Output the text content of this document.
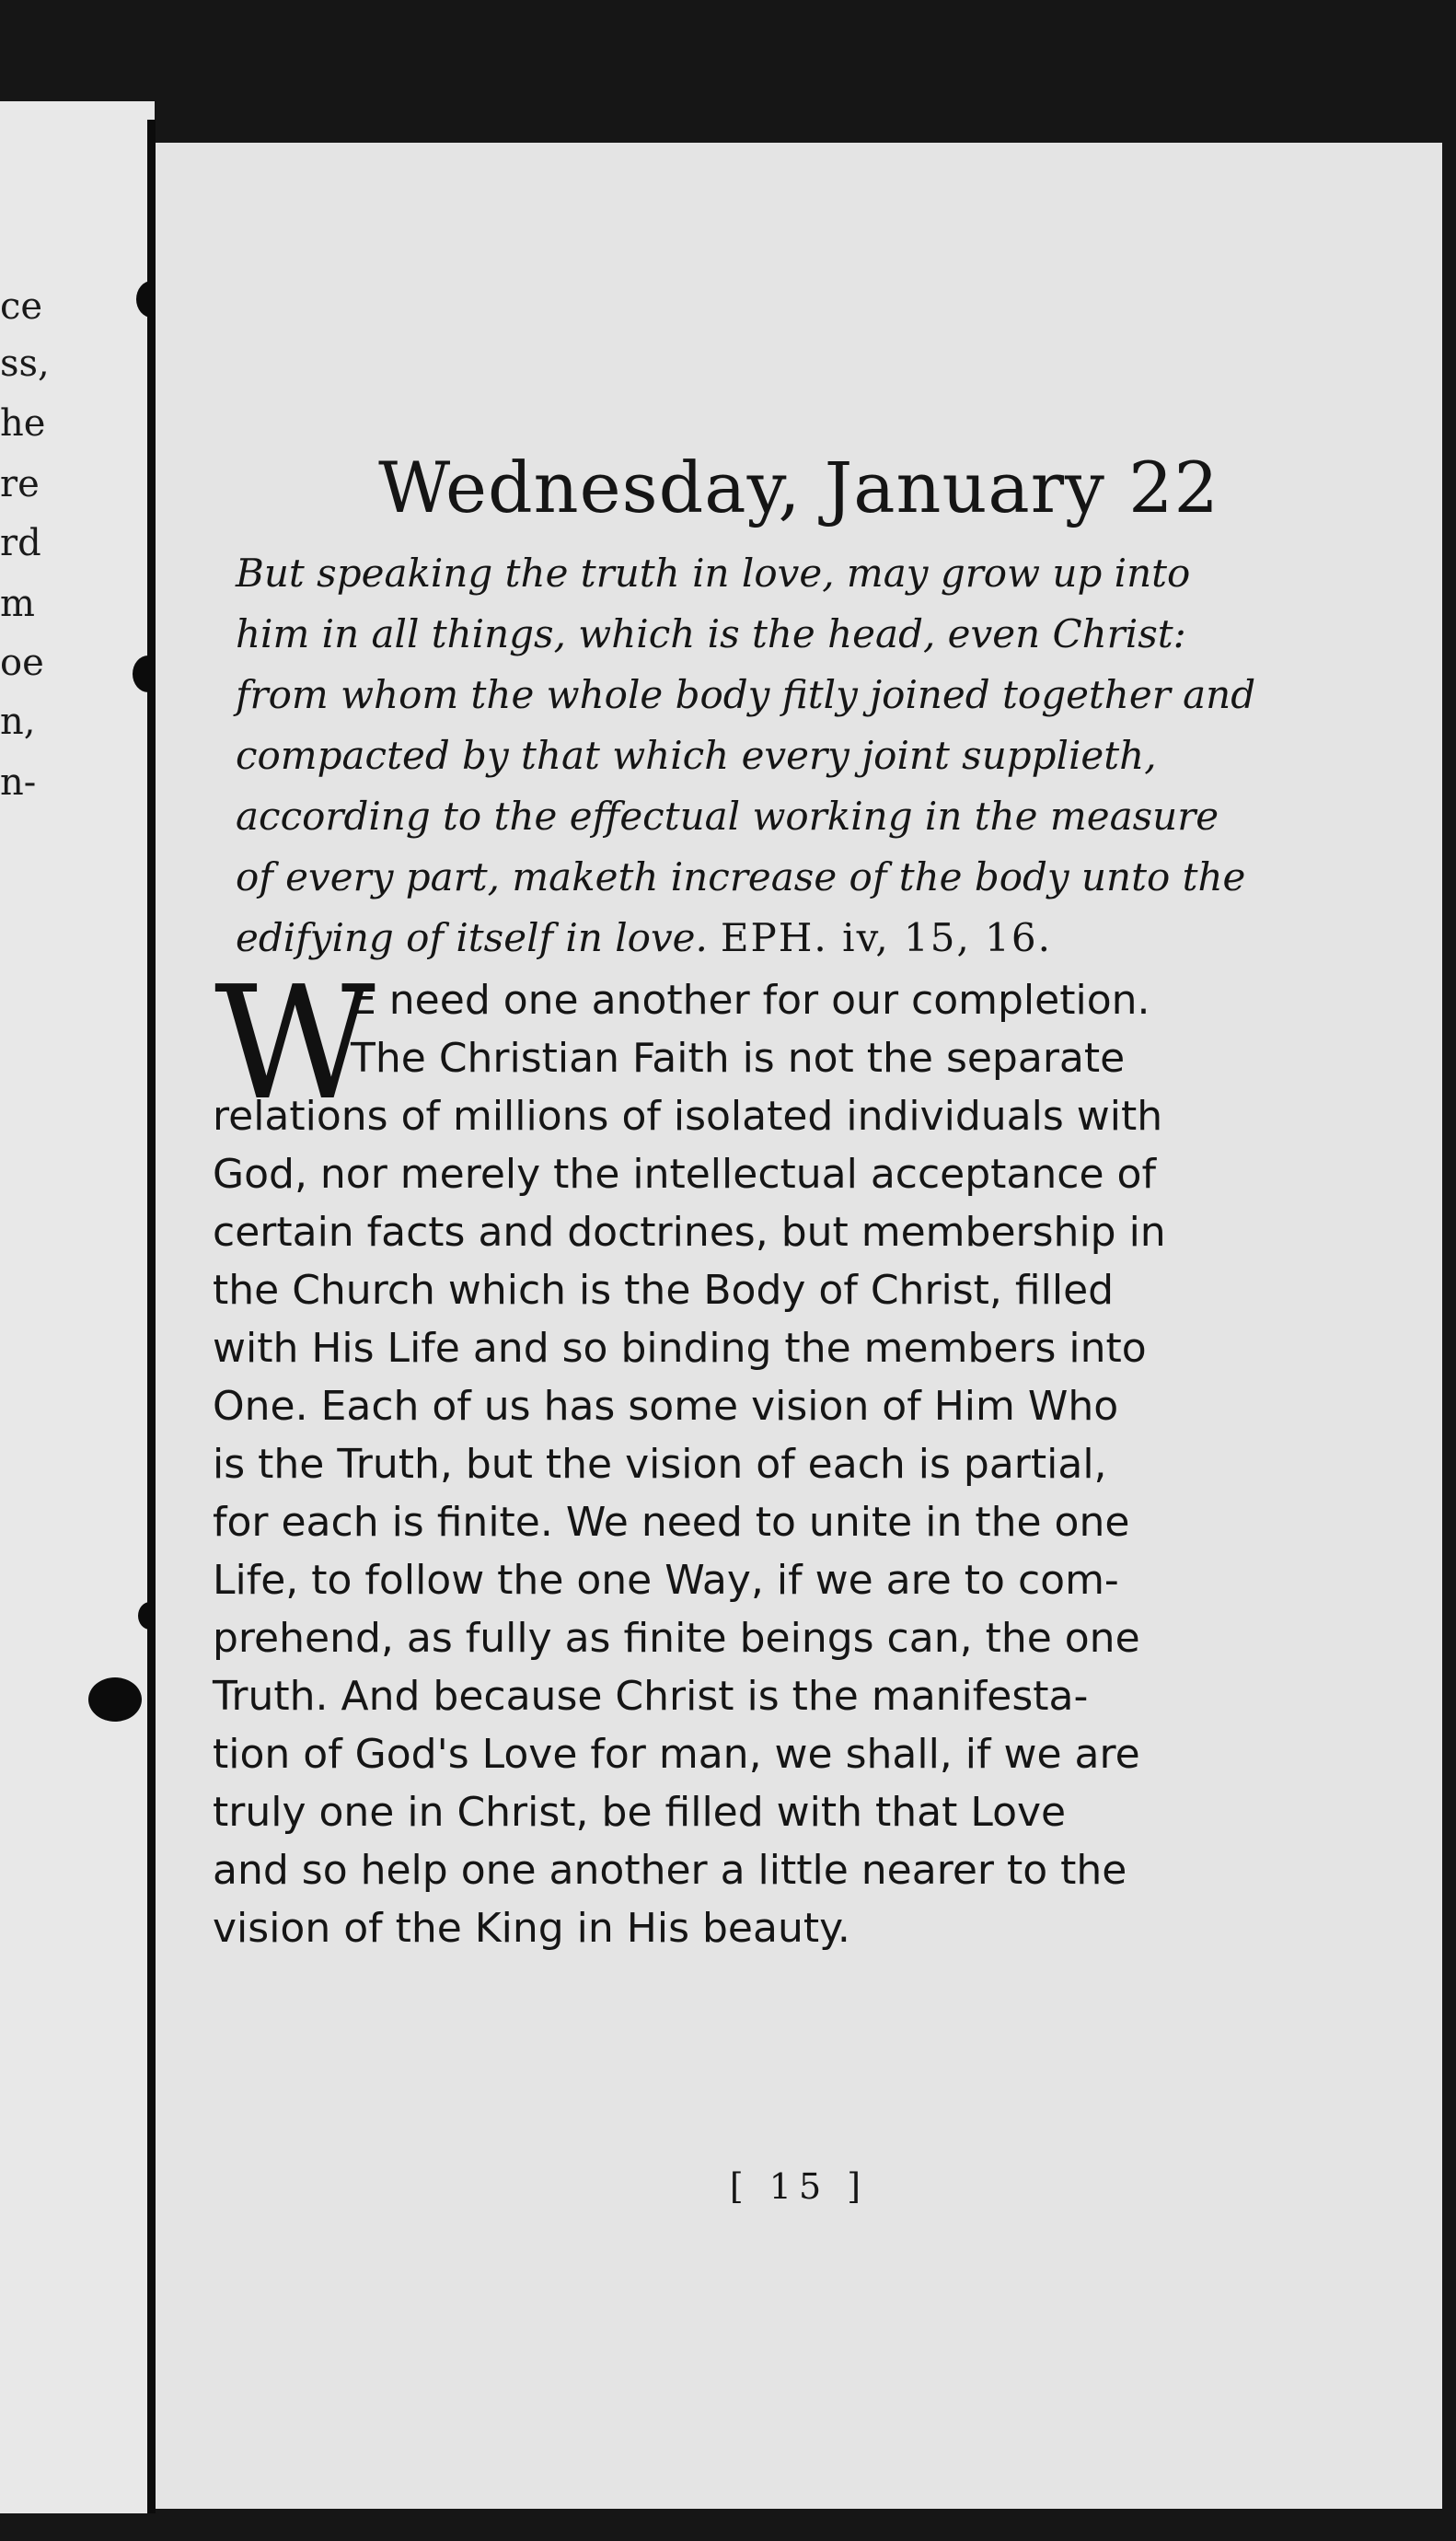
ce
ss,
he
re
rd
m
oe
n,
n-
Wednesday, January 22
But speaking the truth in love, may grow up into
him in all things, which is the head, even Christ:
from whom the whole body fitly joined together and
compacted by that which every joint supplieth,
according to the effectual working in the measure
of every part, maketh increase of the body unto the
edifying of itself in love. EPH. iv, 15, 16.
W
E need one another for our completion.
The Christian Faith is not the separate
relations of millions of isolated individuals with
God, nor merely the intellectual acceptance of
certain facts and doctrines, but membership in
the Church which is the Body of Christ, filled
with His Life and so binding the members into
One. Each of us has some vision of Him Who
is the Truth, but the vision of each is partial,
for each is finite. We need to unite in the one
Life, to follow the one Way, if we are to com-
prehend, as fully as finite beings can, the one
Truth. And because Christ is the manifesta-
tion of God's Love for man, we shall, if we are
truly one in Christ, be filled with that Love
and so help one another a little nearer to the
vision of the King in His beauty.
[ 15 ]
